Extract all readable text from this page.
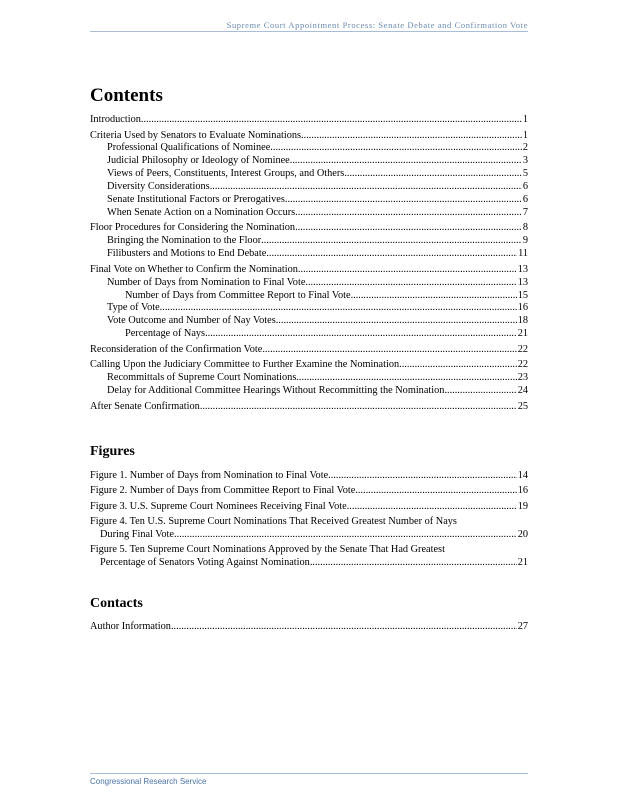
Supreme Court Appointment Process: Senate Debate and Confirmation Vote
Contents
Introduction .....	1
Criteria Used by Senators to Evaluate Nominations .....	1
Professional Qualifications of Nominee .....	2
Judicial Philosophy or Ideology of Nominee .....	3
Views of Peers, Constituents, Interest Groups, and Others .....	5
Diversity Considerations .....	6
Senate Institutional Factors or Prerogatives .....	6
When Senate Action on a Nomination Occurs .....	7
Floor Procedures for Considering the Nomination .....	8
Bringing the Nomination to the Floor .....	9
Filibusters and Motions to End Debate .....	11
Final Vote on Whether to Confirm the Nomination .....	13
Number of Days from Nomination to Final Vote .....	13
Number of Days from Committee Report to Final Vote .....	15
Type of Vote .....	16
Vote Outcome and Number of Nay Votes .....	18
Percentage of Nays .....	21
Reconsideration of the Confirmation Vote .....	22
Calling Upon the Judiciary Committee to Further Examine the Nomination .....	22
Recommittals of Supreme Court Nominations .....	23
Delay for Additional Committee Hearings Without Recommitting the Nomination .....	24
After Senate Confirmation .....	25
Figures
Figure 1. Number of Days from Nomination to Final Vote .....	14
Figure 2. Number of Days from Committee Report to Final Vote .....	16
Figure 3. U.S. Supreme Court Nominees Receiving Final Vote .....	19
Figure 4. Ten U.S. Supreme Court Nominations That Received Greatest Number of Nays
During Final Vote .....	20
Figure 5. Ten Supreme Court Nominations Approved by the Senate That Had Greatest
Percentage of Senators Voting Against Nomination .....	21
Contacts
Author Information .....	27
Congressional Research Service
